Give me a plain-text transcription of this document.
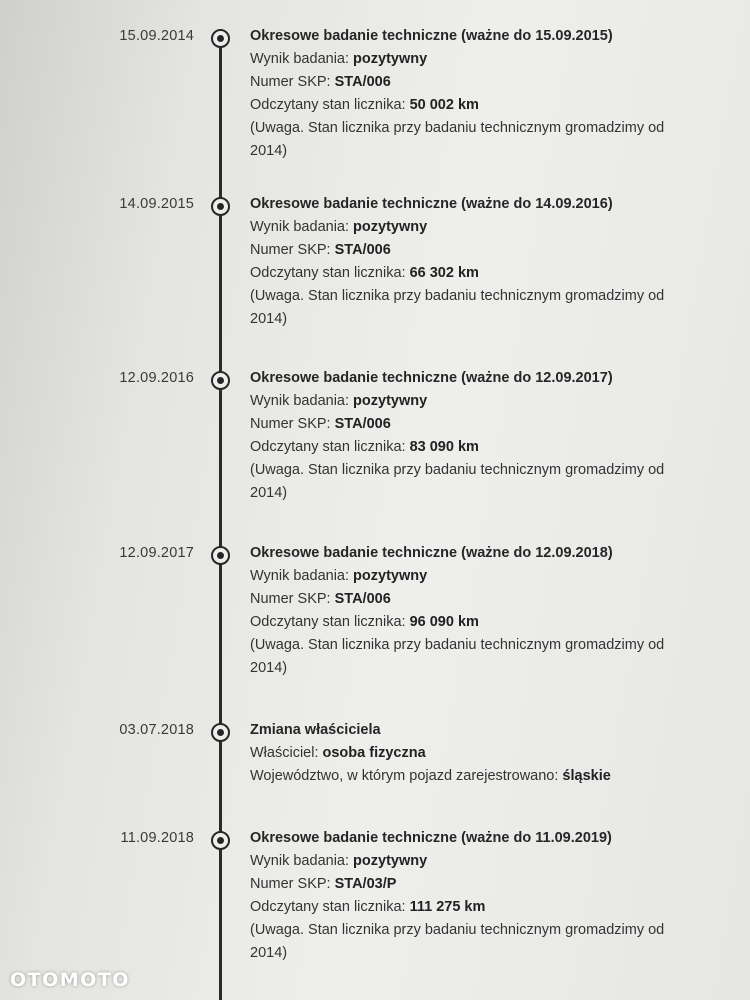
15.09.2014	Okresowe badanie techniczne (ważne do 15.09.2015)
Wynik badania: pozytywny
Numer SKP: STA/006
Odczytany stan licznika: 50 002 km
(Uwaga. Stan licznika przy badaniu technicznym gromadzimy od 2014)
14.09.2015	Okresowe badanie techniczne (ważne do 14.09.2016)
Wynik badania: pozytywny
Numer SKP: STA/006
Odczytany stan licznika: 66 302 km
(Uwaga. Stan licznika przy badaniu technicznym gromadzimy od 2014)
12.09.2016	Okresowe badanie techniczne (ważne do 12.09.2017)
Wynik badania: pozytywny
Numer SKP: STA/006
Odczytany stan licznika: 83 090 km
(Uwaga. Stan licznika przy badaniu technicznym gromadzimy od 2014)
12.09.2017	Okresowe badanie techniczne (ważne do 12.09.2018)
Wynik badania: pozytywny
Numer SKP: STA/006
Odczytany stan licznika: 96 090 km
(Uwaga. Stan licznika przy badaniu technicznym gromadzimy od 2014)
03.07.2018	Zmiana właściciela
Właściciel: osoba fizyczna
Województwo, w którym pojazd zarejestrowano: śląskie
11.09.2018	Okresowe badanie techniczne (ważne do 11.09.2019)
Wynik badania: pozytywny
Numer SKP: STA/03/P
Odczytany stan licznika: 111 275 km
(Uwaga. Stan licznika przy badaniu technicznym gromadzimy od 2014)
OTOMOTO
